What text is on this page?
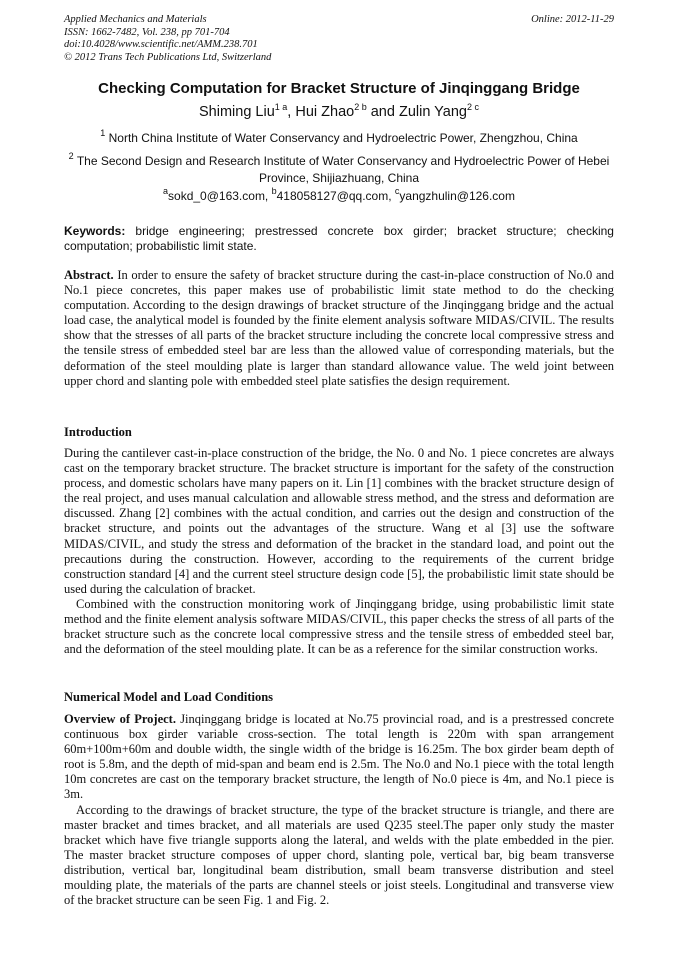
Applied Mechanics and Materials
ISSN: 1662-7482, Vol. 238, pp 701-704
doi:10.4028/www.scientific.net/AMM.238.701
© 2012 Trans Tech Publications Ltd, Switzerland
Online: 2012-11-29
Checking Computation for Bracket Structure of Jinqinggang Bridge
Shiming Liu$^{1 a}$, Hui Zhao$^{2 b}$ and Zulin Yang$^{2 c}$
$^1$ North China Institute of Water Conservancy and Hydroelectric Power, Zhengzhou, China
$^2$ The Second Design and Research Institute of Water Conservancy and Hydroelectric Power of Hebei Province, Shijiazhuang, China
$^a$sokd_0@163.com, $^b$418058127@qq.com, $^c$yangzhulin@126.com
Keywords: bridge engineering; prestressed concrete box girder; bracket structure; checking computation; probabilistic limit state.
Abstract. In order to ensure the safety of bracket structure during the cast-in-place construction of No.0 and No.1 piece concretes, this paper makes use of probabilistic limit state method to do the checking computation. According to the design drawings of bracket structure of the Jinqinggang bridge and the actual load case, the analytical model is founded by the finite element analysis software MIDAS/CIVIL. The results show that the stresses of all parts of the bracket structure including the concrete local compressive stress and the tensile stress of embedded steel bar are less than the allowed value of corresponding materials, but the deformation of the steel moulding plate is larger than standard allowance value. The weld joint between upper chord and slanting pole with embedded steel plate satisfies the design requirement.
Introduction
During the cantilever cast-in-place construction of the bridge, the No. 0 and No. 1 piece concretes are always cast on the temporary bracket structure. The bracket structure is important for the safety of the construction process, and domestic scholars have many papers on it. Lin [1] combines with the bracket structure design of the real project, and uses manual calculation and allowable stress method, and the stress and deformation are discussed. Zhang [2] combines with the actual condition, and carries out the design and construction of the bracket structure, and points out the advantages of the structure. Wang et al [3] use the software MIDAS/CIVIL, and study the stress and deformation of the bracket in the standard load, and point out the precautions during the construction. However, according to the requirements of the current bridge construction standard [4] and the current steel structure design code [5], the probabilistic limit state should be used during the calculation of bracket.
Combined with the construction monitoring work of Jinqinggang bridge, using probabilistic limit state method and the finite element analysis software MIDAS/CIVIL, this paper checks the stress of all parts of the bracket structure such as the concrete local compressive stress and the tensile stress of embedded steel bar, and the deformation of the steel moulding plate. It can be as a reference for the similar construction works.
Numerical Model and Load Conditions
Overview of Project. Jinqinggang bridge is located at No.75 provincial road, and is a prestressed concrete continuous box girder variable cross-section. The total length is 220m with span arrangement 60m+100m+60m and double width, the single width of the bridge is 16.25m. The box girder beam depth of root is 5.8m, and the depth of mid-span and beam end is 2.5m. The No.0 and No.1 piece with the total length 10m concretes are cast on the temporary bracket structure, the length of No.0 piece is 4m, and No.1 piece is 3m.
According to the drawings of bracket structure, the type of the bracket structure is triangle, and there are master bracket and times bracket, and all materials are used Q235 steel.The paper only study the master bracket which have five triangle supports along the lateral, and welds with the plate embedded in the pier. The master bracket structure composes of upper chord, slanting pole, vertical bar, big beam transverse distribution, vertical bar, longitudinal beam distribution, small beam transverse distribution and steel moulding plate, the materials of the parts are channel steels or joist steels. Longitudinal and transverse view of the bracket structure can be seen Fig. 1 and Fig. 2.
